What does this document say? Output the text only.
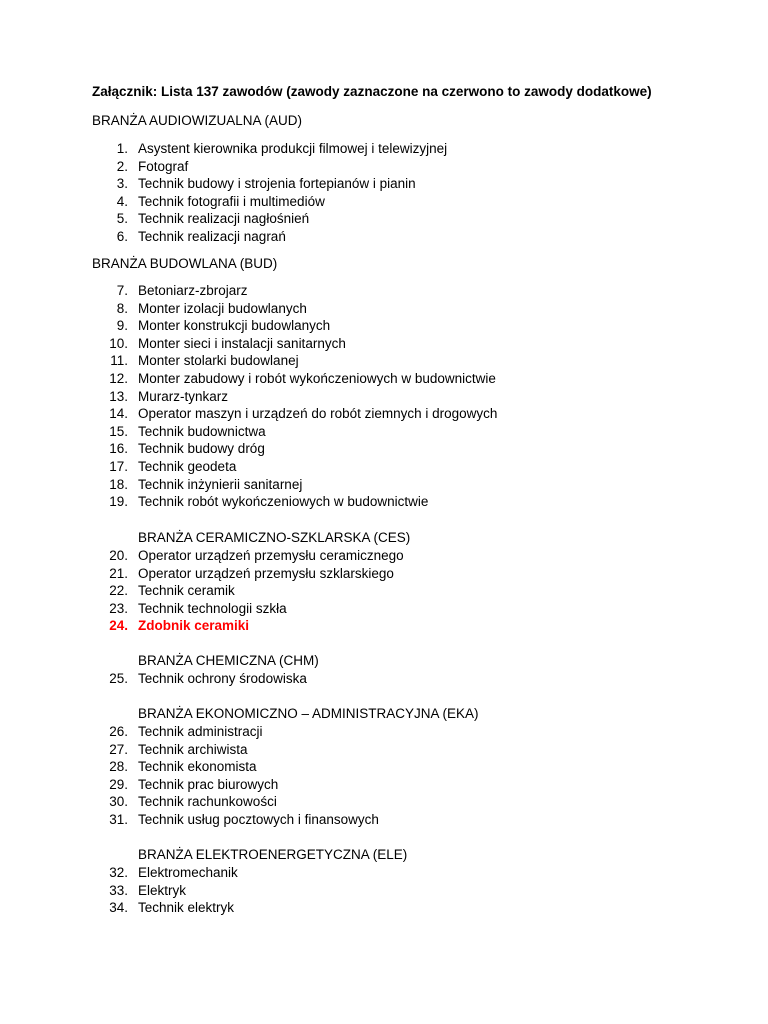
Załącznik: Lista 137 zawodów (zawody zaznaczone na czerwono to zawody dodatkowe)
BRANŻA AUDIOWIZUALNA (AUD)
1. Asystent kierownika produkcji filmowej i telewizyjnej
2. Fotograf
3. Technik budowy i strojenia fortepianów i pianin
4. Technik fotografii i multimediów
5. Technik realizacji nagłośnień
6. Technik realizacji nagrań
BRANŻA BUDOWLANA (BUD)
7. Betoniarz-zbrojarz
8. Monter izolacji budowlanych
9. Monter konstrukcji budowlanych
10. Monter sieci i instalacji sanitarnych
11. Monter stolarki budowlanej
12. Monter zabudowy i robót wykończeniowych w budownictwie
13. Murarz-tynkarz
14. Operator maszyn i urządzeń do robót ziemnych i drogowych
15. Technik budownictwa
16. Technik budowy dróg
17. Technik geodeta
18. Technik inżynierii sanitarnej
19. Technik robót wykończeniowych w budownictwie
BRANŻA CERAMICZNO-SZKLARSKA (CES)
20. Operator urządzeń przemysłu ceramicznego
21. Operator urządzeń przemysłu szklarskiego
22. Technik ceramik
23. Technik technologii szkła
24. Zdobnik ceramiki
BRANŻA CHEMICZNA (CHM)
25. Technik ochrony środowiska
BRANŻA EKONOMICZNO – ADMINISTRACYJNA (EKA)
26. Technik administracji
27. Technik archiwista
28. Technik ekonomista
29. Technik prac biurowych
30. Technik rachunkowości
31. Technik usług pocztowych i finansowych
BRANŻA ELEKTROENERGETYCZNA (ELE)
32. Elektromechanik
33. Elektryk
34. Technik elektryk
